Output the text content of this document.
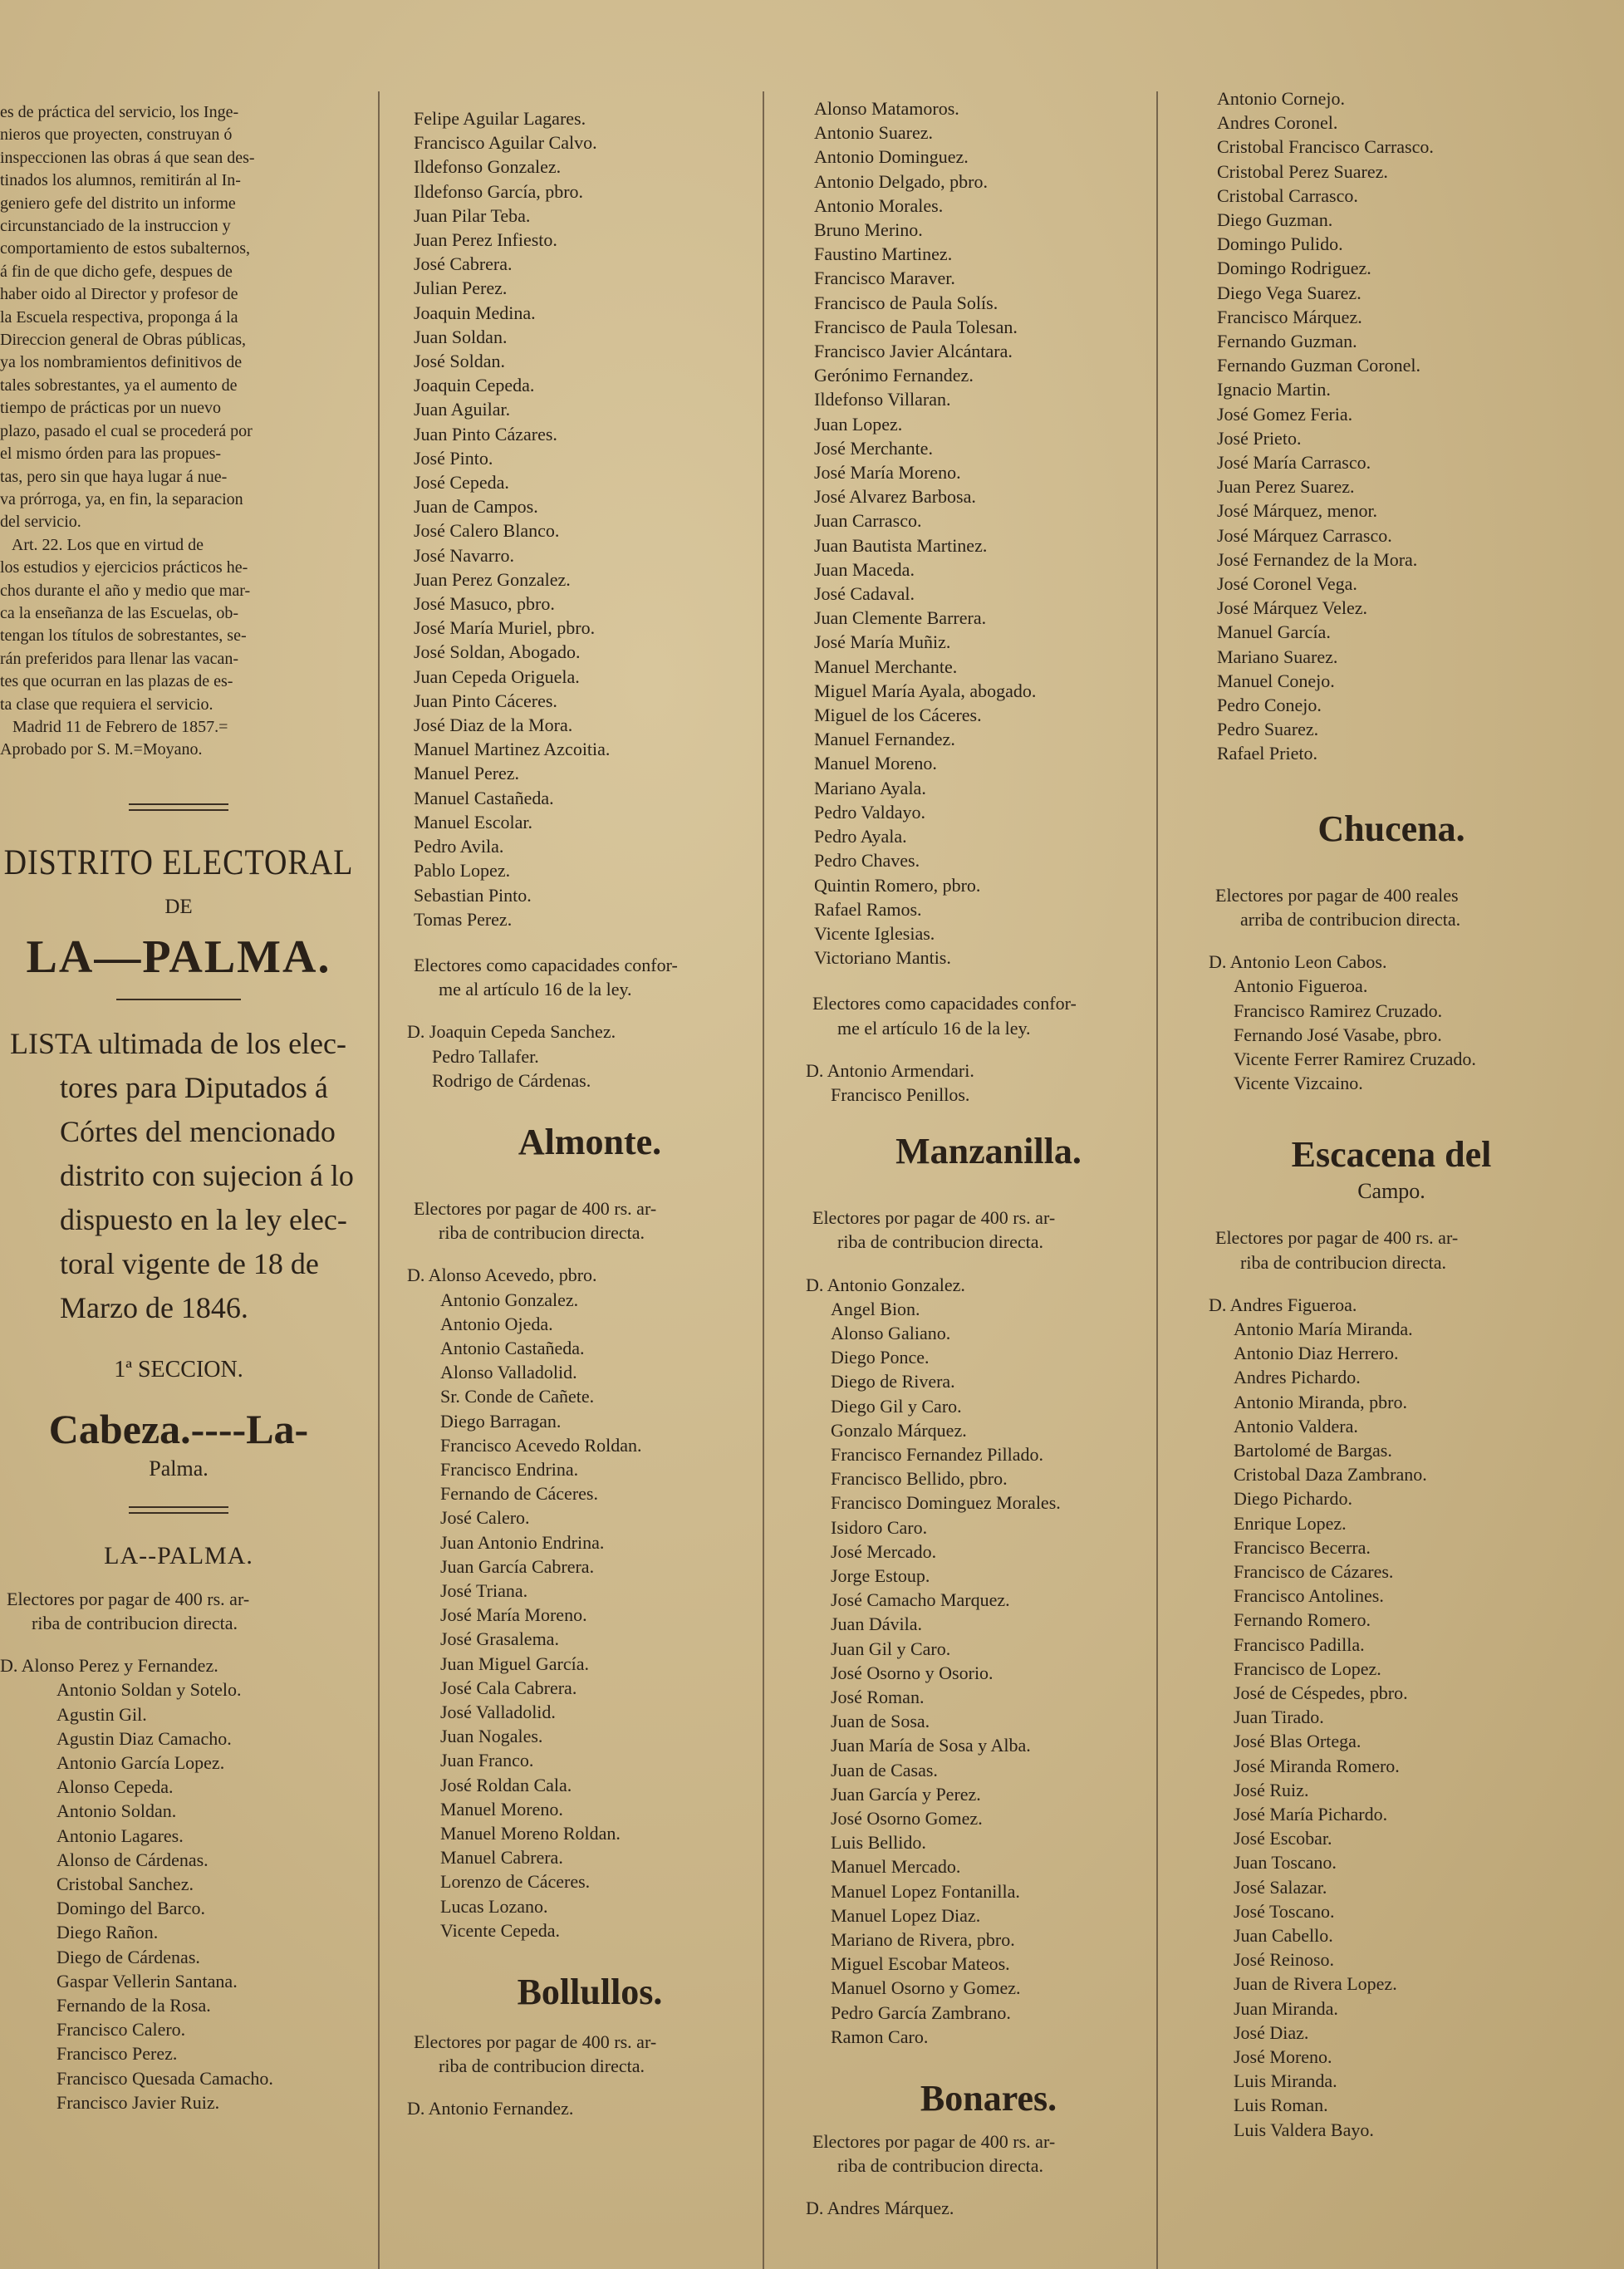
es de práctica del servicio, los Inge-
nieros que proyecten, construyan ó
inspeccionen las obras á que sean des-
tinados los alumnos, remitirán al In-
geniero gefe del distrito un informe
circunstanciado de la instruccion y
comportamiento de estos subalternos,
á fin de que dicho gefe, despues de
haber oido al Director y profesor de
la Escuela respectiva, proponga á la
Direccion general de Obras públicas,
ya los nombramientos definitivos de
tales sobrestantes, ya el aumento de
tiempo de prácticas por un nuevo
plazo, pasado el cual se procederá por
el mismo órden para las propues-
tas, pero sin que haya lugar á nue-
va prórroga, ya, en fin, la separacion
del servicio.
Art. 22. Los que en virtud de
los estudios y ejercicios prácticos he-
chos durante el año y medio que mar-
ca la enseñanza de las Escuelas, ob-
tengan los títulos de sobrestantes, se-
rán preferidos para llenar las vacan-
tes que ocurran en las plazas de es-
ta clase que requiera el servicio.
Madrid 11 de Febrero de 1857.=
Aprobado por S. M.=Moyano.
DISTRITO ELECTORAL
DE
LA—PALMA.
LISTA ultimada de los elec-
tores para Diputados á
Córtes del mencionado
distrito con sujecion á lo
dispuesto en la ley elec-
toral vigente de 18 de
Marzo de 1846.
1ª SECCION.
Cabeza.----La-
Palma.
LA--PALMA.
Electores por pagar de 400 rs. ar-
riba de contribucion directa.
D. Alonso Perez y Fernandez.
Antonio Soldan y Sotelo.
Agustin Gil.
Agustin Diaz Camacho.
Antonio García Lopez.
Alonso Cepeda.
Antonio Soldan.
Antonio Lagares.
Alonso de Cárdenas.
Cristobal Sanchez.
Domingo del Barco.
Diego Rañon.
Diego de Cárdenas.
Gaspar Vellerin Santana.
Fernando de la Rosa.
Francisco Calero.
Francisco Perez.
Francisco Quesada Camacho.
Francisco Javier Ruiz.
Felipe Aguilar Lagares.
Francisco Aguilar Calvo.
Ildefonso Gonzalez.
Ildefonso García, pbro.
Juan Pilar Teba.
Juan Perez Infiesto.
José Cabrera.
Julian Perez.
Joaquin Medina.
Juan Soldan.
José Soldan.
Joaquin Cepeda.
Juan Aguilar.
Juan Pinto Cázares.
José Pinto.
José Cepeda.
Juan de Campos.
José Calero Blanco.
José Navarro.
Juan Perez Gonzalez.
José Masuco, pbro.
José María Muriel, pbro.
José Soldan, Abogado.
Juan Cepeda Origuela.
Juan Pinto Cáceres.
José Diaz de la Mora.
Manuel Martinez Azcoitia.
Manuel Perez.
Manuel Castañeda.
Manuel Escolar.
Pedro Avila.
Pablo Lopez.
Sebastian Pinto.
Tomas Perez.
Electores como capacidades confor-
me al artículo 16 de la ley.
D. Joaquin Cepeda Sanchez.
Pedro Tallafer.
Rodrigo de Cárdenas.
Almonte.
Electores por pagar de 400 rs. ar-
riba de contribucion directa.
D. Alonso Acevedo, pbro.
Antonio Gonzalez.
Antonio Ojeda.
Antonio Castañeda.
Alonso Valladolid.
Sr. Conde de Cañete.
Diego Barragan.
Francisco Acevedo Roldan.
Francisco Endrina.
Fernando de Cáceres.
José Calero.
Juan Antonio Endrina.
Juan García Cabrera.
José Triana.
José María Moreno.
José Grasalema.
Juan Miguel García.
José Cala Cabrera.
José Valladolid.
Juan Nogales.
Juan Franco.
José Roldan Cala.
Manuel Moreno.
Manuel Moreno Roldan.
Manuel Cabrera.
Lorenzo de Cáceres.
Lucas Lozano.
Vicente Cepeda.
Bollullos.
Electores por pagar de 400 rs. ar-
riba de contribucion directa.
D. Antonio Fernandez.
Alonso Matamoros.
Antonio Suarez.
Antonio Dominguez.
Antonio Delgado, pbro.
Antonio Morales.
Bruno Merino.
Faustino Martinez.
Francisco Maraver.
Francisco de Paula Solís.
Francisco de Paula Tolesan.
Francisco Javier Alcántara.
Gerónimo Fernandez.
Ildefonso Villaran.
Juan Lopez.
José Merchante.
José María Moreno.
José Alvarez Barbosa.
Juan Carrasco.
Juan Bautista Martinez.
Juan Maceda.
José Cadaval.
Juan Clemente Barrera.
José María Muñiz.
Manuel Merchante.
Miguel María Ayala, abogado.
Miguel de los Cáceres.
Manuel Fernandez.
Manuel Moreno.
Mariano Ayala.
Pedro Valdayo.
Pedro Ayala.
Pedro Chaves.
Quintin Romero, pbro.
Rafael Ramos.
Vicente Iglesias.
Victoriano Mantis.
Electores como capacidades confor-
me el artículo 16 de la ley.
D. Antonio Armendari.
Francisco Penillos.
Manzanilla.
Electores por pagar de 400 rs. ar-
riba de contribucion directa.
D. Antonio Gonzalez.
Angel Bion.
Alonso Galiano.
Diego Ponce.
Diego de Rivera.
Diego Gil y Caro.
Gonzalo Márquez.
Francisco Fernandez Pillado.
Francisco Bellido, pbro.
Francisco Dominguez Morales.
Isidoro Caro.
José Mercado.
Jorge Estoup.
José Camacho Marquez.
Juan Dávila.
Juan Gil y Caro.
José Osorno y Osorio.
José Roman.
Juan de Sosa.
Juan María de Sosa y Alba.
Juan de Casas.
Juan García y Perez.
José Osorno Gomez.
Luis Bellido.
Manuel Mercado.
Manuel Lopez Fontanilla.
Manuel Lopez Diaz.
Mariano de Rivera, pbro.
Miguel Escobar Mateos.
Manuel Osorno y Gomez.
Pedro García Zambrano.
Ramon Caro.
Bonares.
Electores por pagar de 400 rs. ar-
riba de contribucion directa.
D. Andres Márquez.
Antonio Cornejo.
Andres Coronel.
Cristobal Francisco Carrasco.
Cristobal Perez Suarez.
Cristobal Carrasco.
Diego Guzman.
Domingo Pulido.
Domingo Rodriguez.
Diego Vega Suarez.
Francisco Márquez.
Fernando Guzman.
Fernando Guzman Coronel.
Ignacio Martin.
José Gomez Feria.
José Prieto.
José María Carrasco.
Juan Perez Suarez.
José Márquez, menor.
José Márquez Carrasco.
José Fernandez de la Mora.
José Coronel Vega.
José Márquez Velez.
Manuel García.
Mariano Suarez.
Manuel Conejo.
Pedro Conejo.
Pedro Suarez.
Rafael Prieto.
Chucena.
Electores por pagar de 400 reales
arriba de contribucion directa.
D. Antonio Leon Cabos.
Antonio Figueroa.
Francisco Ramirez Cruzado.
Fernando José Vasabe, pbro.
Vicente Ferrer Ramirez Cruzado.
Vicente Vizcaino.
Escacena del
Campo.
Electores por pagar de 400 rs. ar-
riba de contribucion directa.
D. Andres Figueroa.
Antonio María Miranda.
Antonio Diaz Herrero.
Andres Pichardo.
Antonio Miranda, pbro.
Antonio Valdera.
Bartolomé de Bargas.
Cristobal Daza Zambrano.
Diego Pichardo.
Enrique Lopez.
Francisco Becerra.
Francisco de Cázares.
Francisco Antolines.
Fernando Romero.
Francisco Padilla.
Francisco de Lopez.
José de Céspedes, pbro.
Juan Tirado.
José Blas Ortega.
José Miranda Romero.
José Ruiz.
José María Pichardo.
José Escobar.
Juan Toscano.
José Salazar.
José Toscano.
Juan Cabello.
José Reinoso.
Juan de Rivera Lopez.
Juan Miranda.
José Diaz.
José Moreno.
Luis Miranda.
Luis Roman.
Luis Valdera Bayo.
